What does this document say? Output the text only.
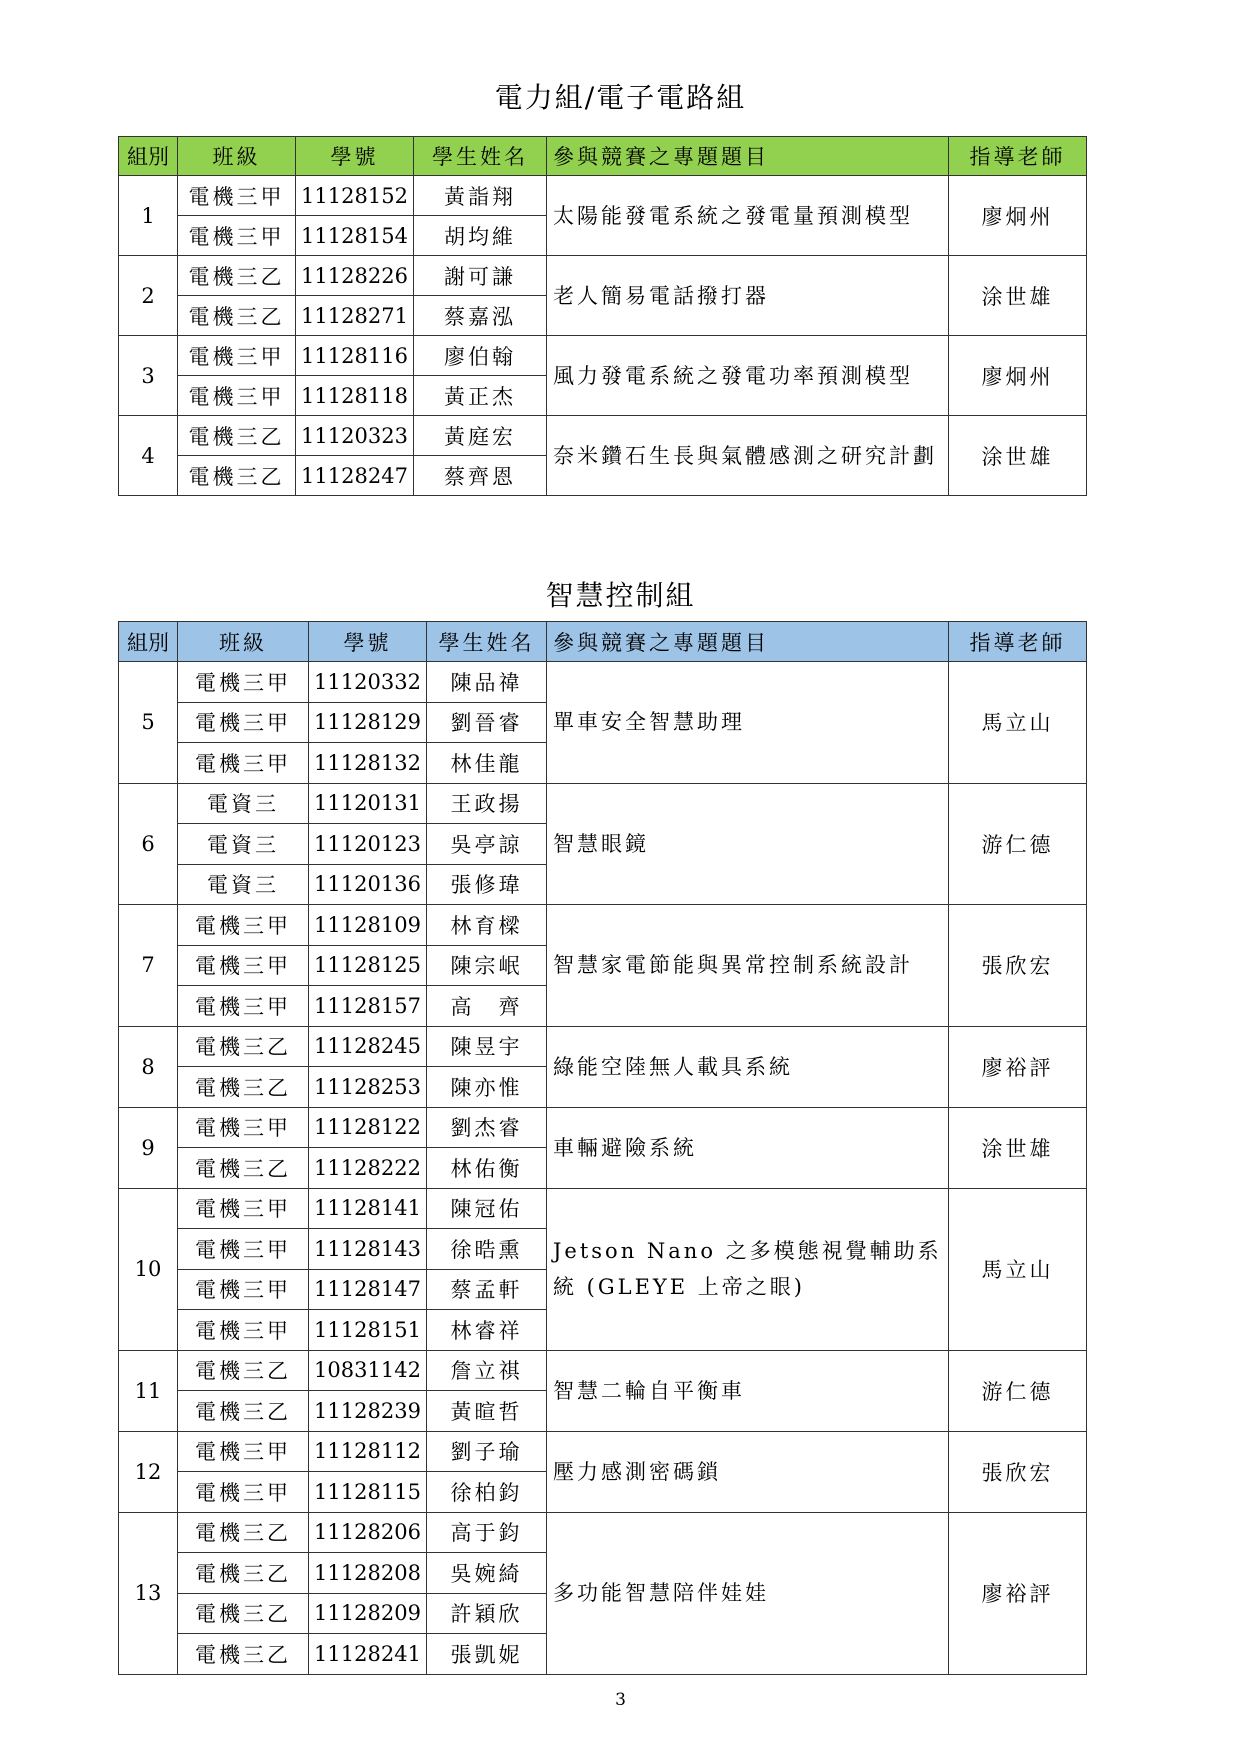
電力組/電子電路組
組別	班級	學號	學生姓名	參與競賽之專題題目	指導老師
1	電機三甲	11128152	黃詣翔	太陽能發電系統之發電量預測模型	廖炯州
	電機三甲	11128154	胡均維		
2	電機三乙	11128226	謝可謙	老人簡易電話撥打器	涂世雄
	電機三乙	11128271	蔡嘉泓		
3	電機三甲	11128116	廖伯翰	風力發電系統之發電功率預測模型	廖炯州
	電機三甲	11128118	黃正杰		
4	電機三乙	11120323	黃庭宏	奈米鑽石生長與氣體感測之研究計劃	涂世雄
	電機三乙	11128247	蔡齊恩		
智慧控制組
組別	班級	學號	學生姓名	參與競賽之專題題目	指導老師
5	電機三甲	11120332	陳品禕	單車安全智慧助理	馬立山
	電機三甲	11128129	劉晉睿		
	電機三甲	11128132	林佳龍		
6	電資三	11120131	王政揚	智慧眼鏡	游仁德
	電資三	11120123	吳亭諒		
	電資三	11120136	張修瑋		
7	電機三甲	11128109	林育樑	智慧家電節能與異常控制系統設計	張欣宏
	電機三甲	11128125	陳宗岷		
	電機三甲	11128157	高　齊		
8	電機三乙	11128245	陳昱宇	綠能空陸無人載具系統	廖裕評
	電機三乙	11128253	陳亦惟		
9	電機三甲	11128122	劉杰睿	車輛避險系統	涂世雄
	電機三乙	11128222	林佑衡		
10	電機三甲	11128141	陳冠佑	Jetson Nano 之多模態視覺輔助系統 (GLEYE 上帝之眼)	馬立山
	電機三甲	11128143	徐晧熏		
	電機三甲	11128147	蔡孟軒		
	電機三甲	11128151	林睿祥		
11	電機三乙	10831142	詹立祺	智慧二輪自平衡車	游仁德
	電機三乙	11128239	黃暄哲		
12	電機三甲	11128112	劉子瑜	壓力感測密碼鎖	張欣宏
	電機三甲	11128115	徐柏鈞		
13	電機三乙	11128206	高于鈞	多功能智慧陪伴娃娃	廖裕評
	電機三乙	11128208	吳婉綺		
	電機三乙	11128209	許穎欣		
	電機三乙	11128241	張凱妮		
3
